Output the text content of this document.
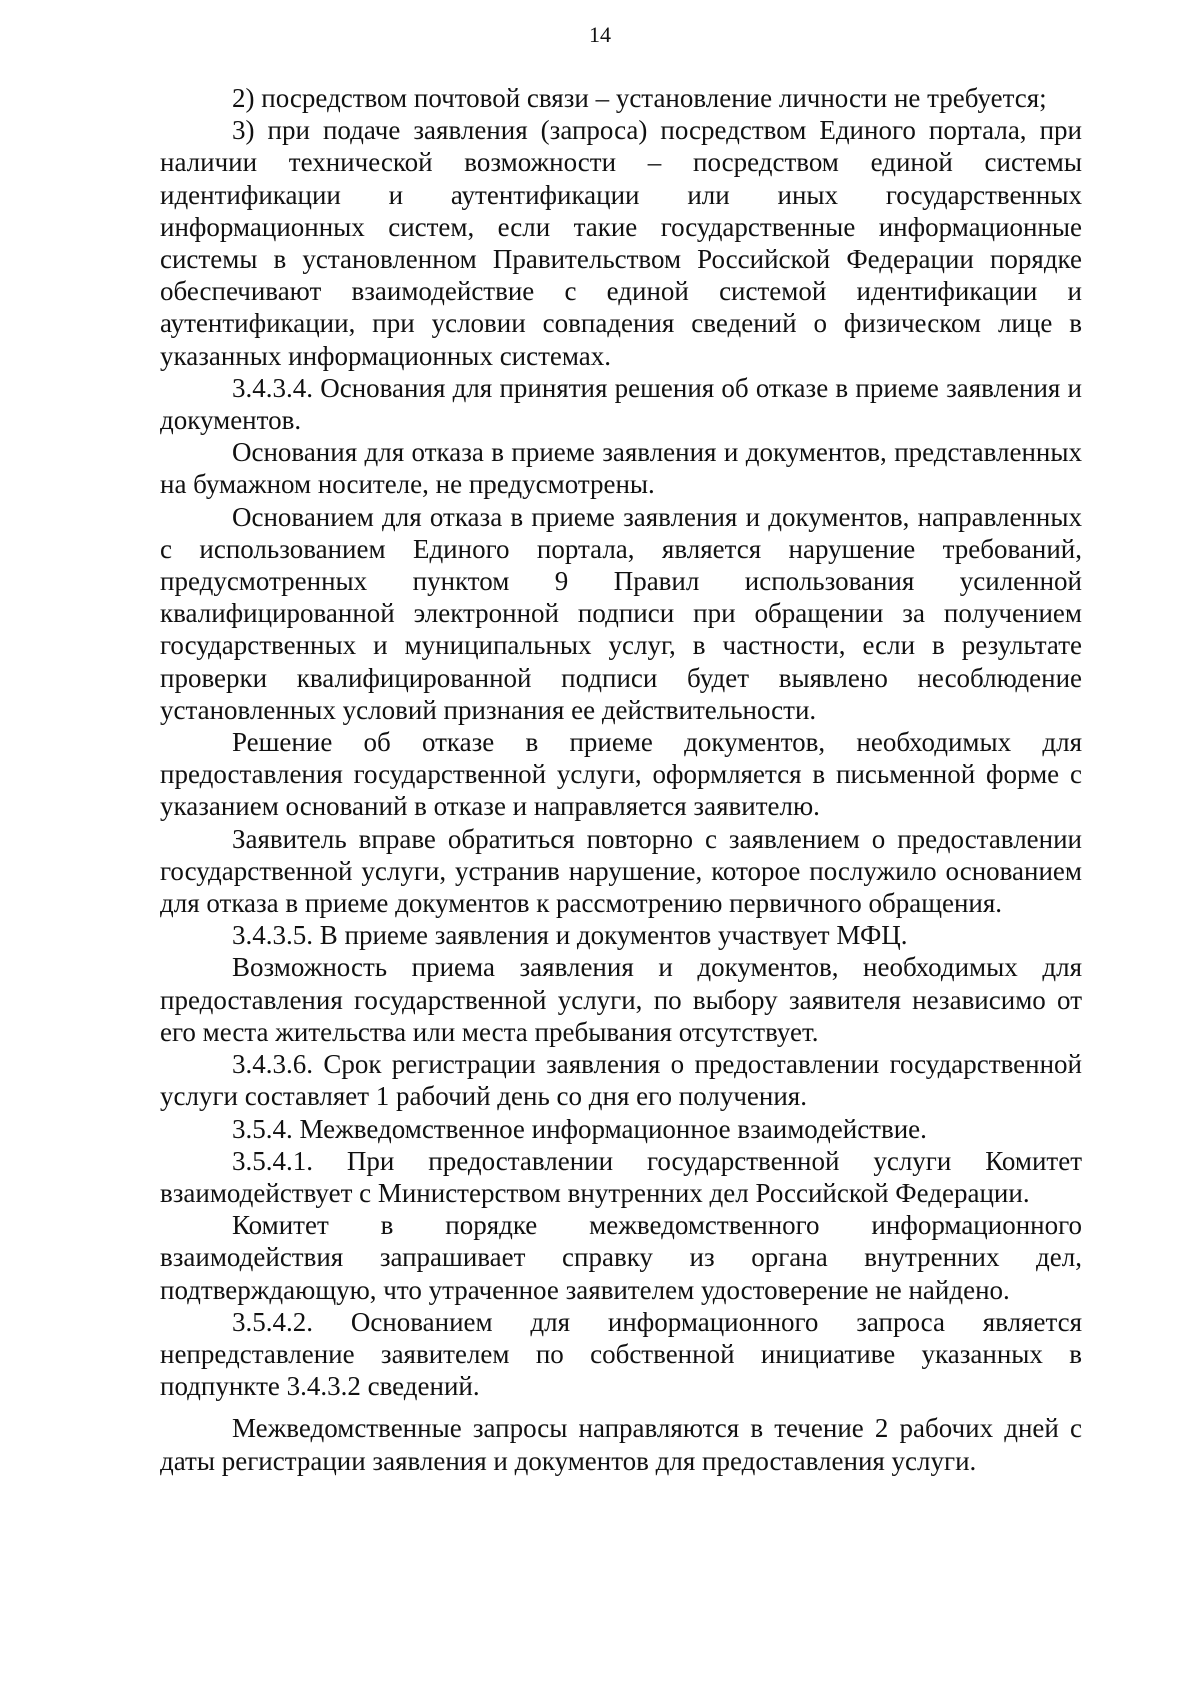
14

2) посредством почтовой связи – установление личности не требуется;

3) при подаче заявления (запроса) посредством Единого портала, при наличии технической возможности – посредством единой системы идентификации и аутентификации или иных государственных информационных систем, если такие государственные информационные системы в установленном Правительством Российской Федерации порядке обеспечивают взаимодействие с единой системой идентификации и аутентификации, при условии совпадения сведений о физическом лице в указанных информационных системах.

3.4.3.4. Основания для принятия решения об отказе в приеме заявления и документов.

Основания для отказа в приеме заявления и документов, представленных на бумажном носителе, не предусмотрены.

Основанием для отказа в приеме заявления и документов, направленных с использованием Единого портала, является нарушение требований, предусмотренных пунктом 9 Правил использования усиленной квалифицированной электронной подписи при обращении за получением государственных и муниципальных услуг, в частности, если в результате проверки квалифицированной подписи будет выявлено несоблюдение установленных условий признания ее действительности.

Решение об отказе в приеме документов, необходимых для предоставления государственной услуги, оформляется в письменной форме с указанием оснований в отказе и направляется заявителю.

Заявитель вправе обратиться повторно с заявлением о предоставлении государственной услуги, устранив нарушение, которое послужило основанием для отказа в приеме документов к рассмотрению первичного обращения.

3.4.3.5. В приеме заявления и документов участвует МФЦ.

Возможность приема заявления и документов, необходимых для предоставления государственной услуги, по выбору заявителя независимо от его места жительства или места пребывания отсутствует.

3.4.3.6. Срок регистрации заявления о предоставлении государственной услуги составляет 1 рабочий день со дня его получения.

3.5.4. Межведомственное информационное взаимодействие.

3.5.4.1. При предоставлении государственной услуги Комитет взаимодействует с Министерством внутренних дел Российской Федерации.

Комитет в порядке межведомственного информационного взаимодействия запрашивает справку из органа внутренних дел, подтверждающую, что утраченное заявителем удостоверение не найдено.

3.5.4.2. Основанием для информационного запроса является непредставление заявителем по собственной инициативе указанных в подпункте 3.4.3.2 сведений.

Межведомственные запросы направляются в течение 2 рабочих дней с даты регистрации заявления и документов для предоставления услуги.
